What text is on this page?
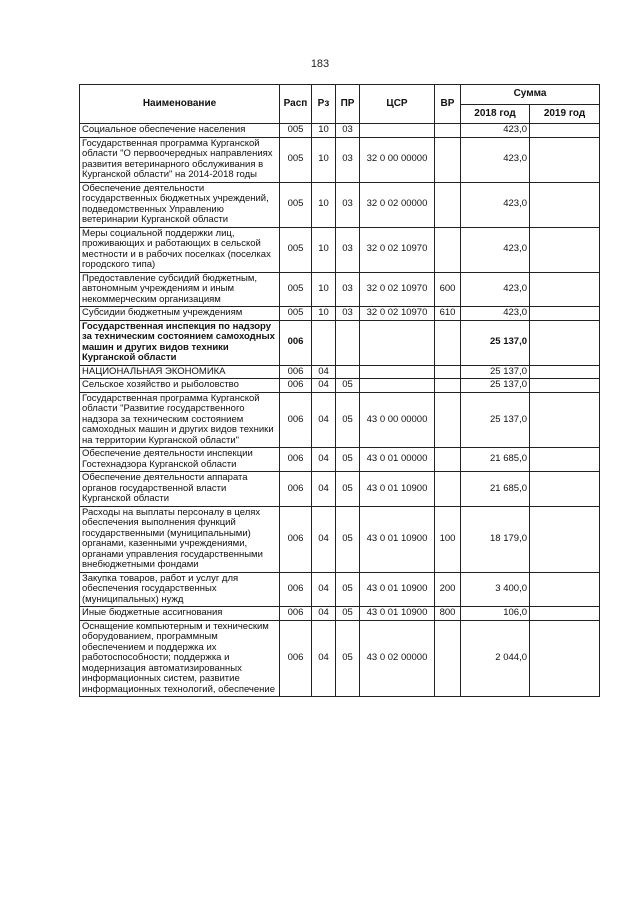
183
Наименование	Расп	Рз	ПР	ЦСР	ВР	Сумма	
						2018 год	2019 год
Социальное обеспечение населения	005	10	03			423,0	
Государственная программа Курганской области "О первоочередных направлениях развития ветеринарного обслуживания в Курганской области" на 2014-2018 годы	005	10	03	32 0 00 00000		423,0	
Обеспечение деятельности государственных бюджетных учреждений, подведомственных Управлению ветеринарии Курганской области	005	10	03	32 0 02 00000		423,0	
Меры социальной поддержки лиц, проживающих и работающих в сельской местности и в рабочих поселках (поселках городского типа)	005	10	03	32 0 02 10970		423,0	
Предоставление субсидий бюджетным, автономным учреждениям и иным некоммерческим организациям	005	10	03	32 0 02 10970	600	423,0	
Субсидии бюджетным учреждениям	005	10	03	32 0 02 10970	610	423,0	
Государственная инспекция по надзору за техническим состоянием самоходных машин и других видов техники Курганской области	006					25 137,0	
НАЦИОНАЛЬНАЯ ЭКОНОМИКА	006	04				25 137,0	
Сельское хозяйство и рыболовство	006	04	05			25 137,0	
Государственная программа Курганской области "Развитие государственного надзора за техническим состоянием самоходных машин и других видов техники на территории Курганской области"	006	04	05	43 0 00 00000		25 137,0	
Обеспечение деятельности инспекции Гостехнадзора Курганской области	006	04	05	43 0 01 00000		21 685,0	
Обеспечение деятельности аппарата органов государственной власти Курганской области	006	04	05	43 0 01 10900		21 685,0	
Расходы на выплаты персоналу в целях обеспечения выполнения функций государственными (муниципальными) органами, казенными учреждениями, органами управления государственными внебюджетными фондами	006	04	05	43 0 01 10900	100	18 179,0	
Закупка товаров, работ и услуг для обеспечения государственных (муниципальных) нужд	006	04	05	43 0 01 10900	200	3 400,0	
Иные бюджетные ассигнования	006	04	05	43 0 01 10900	800	106,0	
Оснащение компьютерным и техническим оборудованием, программным обеспечением и поддержка их работоспособности; поддержка и модернизация автоматизированных информационных систем, развитие информационных технологий, обеспечение	006	04	05	43 0 02 00000		2 044,0	
